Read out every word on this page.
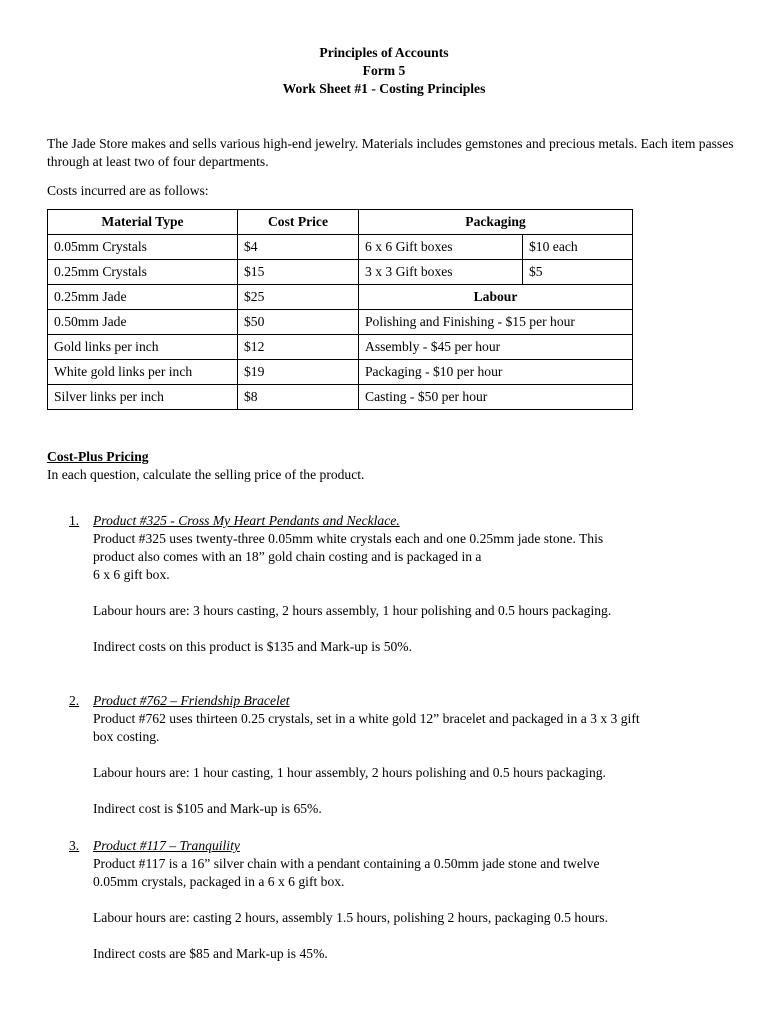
Principles of Accounts
Form 5
Work Sheet #1 - Costing Principles
The Jade Store makes and sells various high-end jewelry. Materials includes gemstones and precious metals. Each item passes through at least two of four departments.
Costs incurred are as follows:
Material Type	Cost Price	Packaging	
0.05mm Crystals	$4	6 x 6 Gift boxes	$10 each
0.25mm Crystals	$15	3 x 3 Gift boxes	$5
0.25mm Jade	$25	Labour	
0.50mm Jade	$50	Polishing and Finishing - $15 per hour	
Gold links per inch	$12	Assembly - $45 per hour	
White gold links per inch	$19	Packaging - $10 per hour	
Silver links per inch	$8	Casting - $50 per hour	
Cost-Plus Pricing
In each question, calculate the selling price of the product.
1. Product #325 - Cross My Heart Pendants and Necklace.

Product #325 uses twenty-three 0.05mm white crystals each and one 0.25mm jade stone. This

product also comes with an 18” gold chain costing and is packaged in a

6 x 6 gift box.

Labour hours are: 3 hours casting, 2 hours assembly, 1 hour polishing and 0.5 hours packaging.

Indirect costs on this product is $135 and Mark-up is 50%.

2. Product #762 – Friendship Bracelet

Product #762 uses thirteen 0.25 crystals, set in a white gold 12” bracelet and packaged in a 3 x 3 gift

box costing.

Labour hours are: 1 hour casting, 1 hour assembly, 2 hours polishing and 0.5 hours packaging.

Indirect cost is $105 and Mark-up is 65%.

3. Product #117 – Tranquility

Product #117 is a 16” silver chain with a pendant containing a 0.50mm jade stone and twelve

0.05mm crystals, packaged in a 6 x 6 gift box.

Labour hours are: casting 2 hours, assembly 1.5 hours, polishing 2 hours, packaging 0.5 hours.

Indirect costs are $85 and Mark-up is 45%.
